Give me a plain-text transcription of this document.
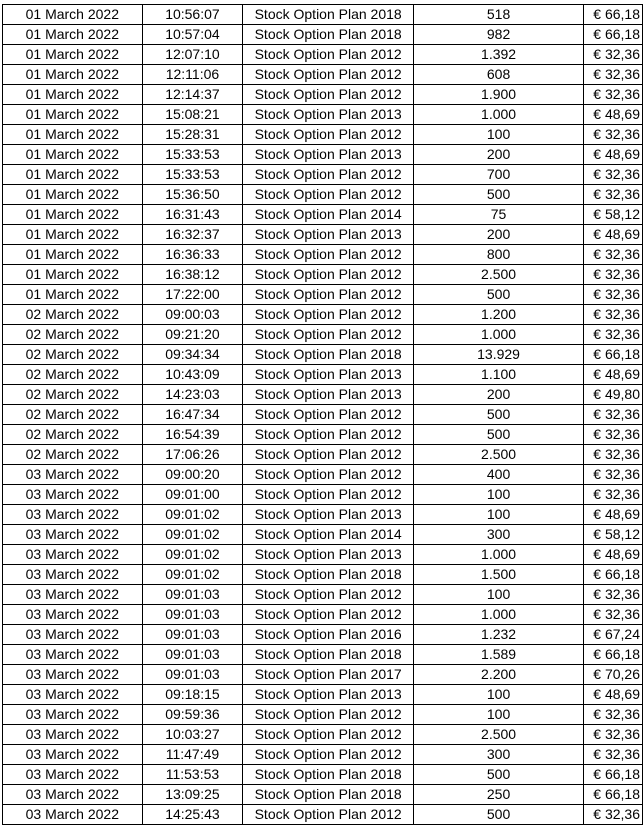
01 March 2022	10:56:07	Stock Option Plan 2018	518	€ 66,18
01 March 2022	10:57:04	Stock Option Plan 2018	982	€ 66,18
01 March 2022	12:07:10	Stock Option Plan 2012	1.392	€ 32,36
01 March 2022	12:11:06	Stock Option Plan 2012	608	€ 32,36
01 March 2022	12:14:37	Stock Option Plan 2012	1.900	€ 32,36
01 March 2022	15:08:21	Stock Option Plan 2013	1.000	€ 48,69
01 March 2022	15:28:31	Stock Option Plan 2012	100	€ 32,36
01 March 2022	15:33:53	Stock Option Plan 2013	200	€ 48,69
01 March 2022	15:33:53	Stock Option Plan 2012	700	€ 32,36
01 March 2022	15:36:50	Stock Option Plan 2012	500	€ 32,36
01 March 2022	16:31:43	Stock Option Plan 2014	75	€ 58,12
01 March 2022	16:32:37	Stock Option Plan 2013	200	€ 48,69
01 March 2022	16:36:33	Stock Option Plan 2012	800	€ 32,36
01 March 2022	16:38:12	Stock Option Plan 2012	2.500	€ 32,36
01 March 2022	17:22:00	Stock Option Plan 2012	500	€ 32,36
02 March 2022	09:00:03	Stock Option Plan 2012	1.200	€ 32,36
02 March 2022	09:21:20	Stock Option Plan 2012	1.000	€ 32,36
02 March 2022	09:34:34	Stock Option Plan 2018	13.929	€ 66,18
02 March 2022	10:43:09	Stock Option Plan 2013	1.100	€ 48,69
02 March 2022	14:23:03	Stock Option Plan 2013	200	€ 49,80
02 March 2022	16:47:34	Stock Option Plan 2012	500	€ 32,36
02 March 2022	16:54:39	Stock Option Plan 2012	500	€ 32,36
02 March 2022	17:06:26	Stock Option Plan 2012	2.500	€ 32,36
03 March 2022	09:00:20	Stock Option Plan 2012	400	€ 32,36
03 March 2022	09:01:00	Stock Option Plan 2012	100	€ 32,36
03 March 2022	09:01:02	Stock Option Plan 2013	100	€ 48,69
03 March 2022	09:01:02	Stock Option Plan 2014	300	€ 58,12
03 March 2022	09:01:02	Stock Option Plan 2013	1.000	€ 48,69
03 March 2022	09:01:02	Stock Option Plan 2018	1.500	€ 66,18
03 March 2022	09:01:03	Stock Option Plan 2012	100	€ 32,36
03 March 2022	09:01:03	Stock Option Plan 2012	1.000	€ 32,36
03 March 2022	09:01:03	Stock Option Plan 2016	1.232	€ 67,24
03 March 2022	09:01:03	Stock Option Plan 2018	1.589	€ 66,18
03 March 2022	09:01:03	Stock Option Plan 2017	2.200	€ 70,26
03 March 2022	09:18:15	Stock Option Plan 2013	100	€ 48,69
03 March 2022	09:59:36	Stock Option Plan 2012	100	€ 32,36
03 March 2022	10:03:27	Stock Option Plan 2012	2.500	€ 32,36
03 March 2022	11:47:49	Stock Option Plan 2012	300	€ 32,36
03 March 2022	11:53:53	Stock Option Plan 2018	500	€ 66,18
03 March 2022	13:09:25	Stock Option Plan 2018	250	€ 66,18
03 March 2022	14:25:43	Stock Option Plan 2012	500	€ 32,36
